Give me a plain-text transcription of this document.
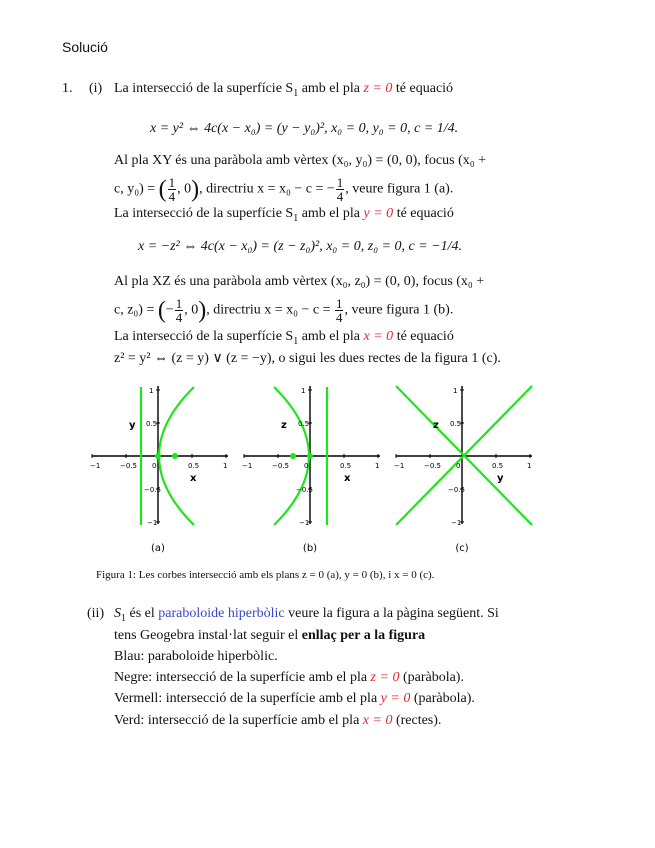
Solució
1. (i) La intersecció de la superfície $S_1$ amb el pla z = 0 té equació
x = y² ⇔ 4c(x − x₀) = (y − y₀)², x₀ = 0, y₀ = 0, c = 1/4.
Al pla XY és una paràbola amb vèrtex (x₀, y₀) = (0, 0), focus (x₀ +
c, y₀) = ( $\frac{1}{4}$ , 0), directriu x = x₀ − c = − $\frac{1}{4}$ , veure figura 1 (a).
La intersecció de la superfície $S_1$ amb el pla y = 0 té equació
x = −z² ⇔ 4c(x − x₀) = (z − z₀)², x₀ = 0, z₀ = 0, c = −1/4.
Al pla XZ és una paràbola amb vèrtex (x₀, z₀) = (0, 0), focus (x₀ +
c, z₀) = (− $\frac{1}{4}$ , 0), directriu $x = x_0 - c = \frac{1}{4}$ , veure figura 1 (b).
La intersecció de la superfície $S_1$ amb el pla x = 0 té equació
z² = y² ⇔ (z = y) ∨ (z = −y), o sigui les dues rectes de la figura 1 (c).
−1	−0.5 0	0.5	1
1
0.5
−0.5
−1
y
x
(a)
−1	−0.5 0	0.5	1
1
0.5
−0.5
−1
z
x
(b)
−1	−0.5 0	0.5	1
1
0.5
−0.5
−1
z
y
(c)
Figura 1: Les corbes intersecció amb els plans z = 0 (a), y = 0 (b), i x = 0 (c).
(ii) $S_1$ és el paraboloide hiperbòlic veure la figura a la pàgina següent. Si
tens Geogebra instal·lat seguir el enllaç per a la figura
Blau: paraboloide hiperbòlic.
Negre: intersecció de la superfície amb el pla z = 0 (paràbola).
Vermell: intersecció de la superfície amb el pla y = 0 (paràbola).
Verd: intersecció de la superfície amb el pla x = 0 (rectes).
